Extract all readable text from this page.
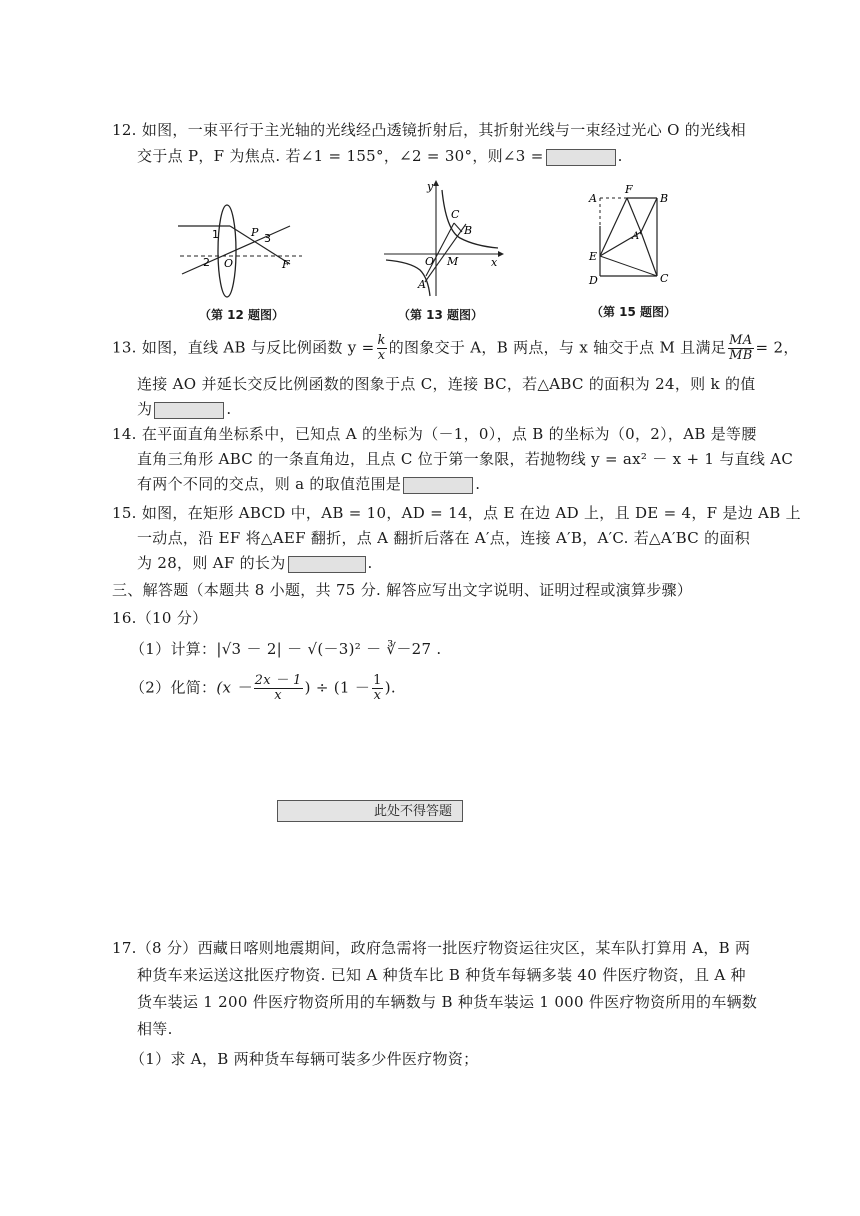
12. 如图，一束平行于主光轴的光线经凸透镜折射后，其折射光线与一束经过光心 O 的光线相
交于点 P，F 为焦点. 若∠1 = 155°，∠2 = 30°，则∠3 =	.
1	P 3
2 O	F
（第 12 题图）
y
C
B
O M	x
A
（第 13 题图）
A
F
B
A'
E
D	C
（第 15 题图）
13. 如图，直线 AB 与反比例函数 $y = \frac{k}{x}$ 的图象交于 A，B 两点，与 x 轴交于点 M 且满足 $\frac{MA}{MB} = 2$，
连接 AO 并延长交反比例函数的图象于点 C，连接 BC，若△ABC 的面积为 24，则 k 的值
为	.
14. 在平面直角坐标系中，已知点 A 的坐标为（－1，0），点 B 的坐标为（0，2），AB 是等腰
直角三角形 ABC 的一条直角边，且点 C 位于第一象限，若抛物线 y = ax² － x + 1 与直线 AC
有两个不同的交点，则 a 的取值范围是	.
15. 如图，在矩形 ABCD 中，AB = 10，AD = 14，点 E 在边 AD 上，且 DE = 4，F 是边 AB 上
一动点，沿 EF 将△AEF 翻折，点 A 翻折后落在 A′点，连接 A′B，A′C. 若△A′BC 的面积
为 28，则 AF 的长为	.
三、解答题（本题共 8 小题，共 75 分. 解答应写出文字说明、证明过程或演算步骤）
16.（10 分）
（1）计算：|√3 － 2| － √(－3)² － ∛－27 .
（2）化简：($x - \frac{2x - 1}{x}$ ) ÷ ($1 - \frac{1}{x}$ ).
此处不得答题
17.（8 分）西藏日喀则地震期间，政府急需将一批医疗物资运往灾区，某车队打算用 A，B 两
种货车来运送这批医疗物资. 已知 A 种货车比 B 种货车每辆多装 40 件医疗物资，且 A 种
货车装运 1 200 件医疗物资所用的车辆数与 B 种货车装运 1 000 件医疗物资所用的车辆数
相等.
（1）求 A，B 两种货车每辆可装多少件医疗物资；
